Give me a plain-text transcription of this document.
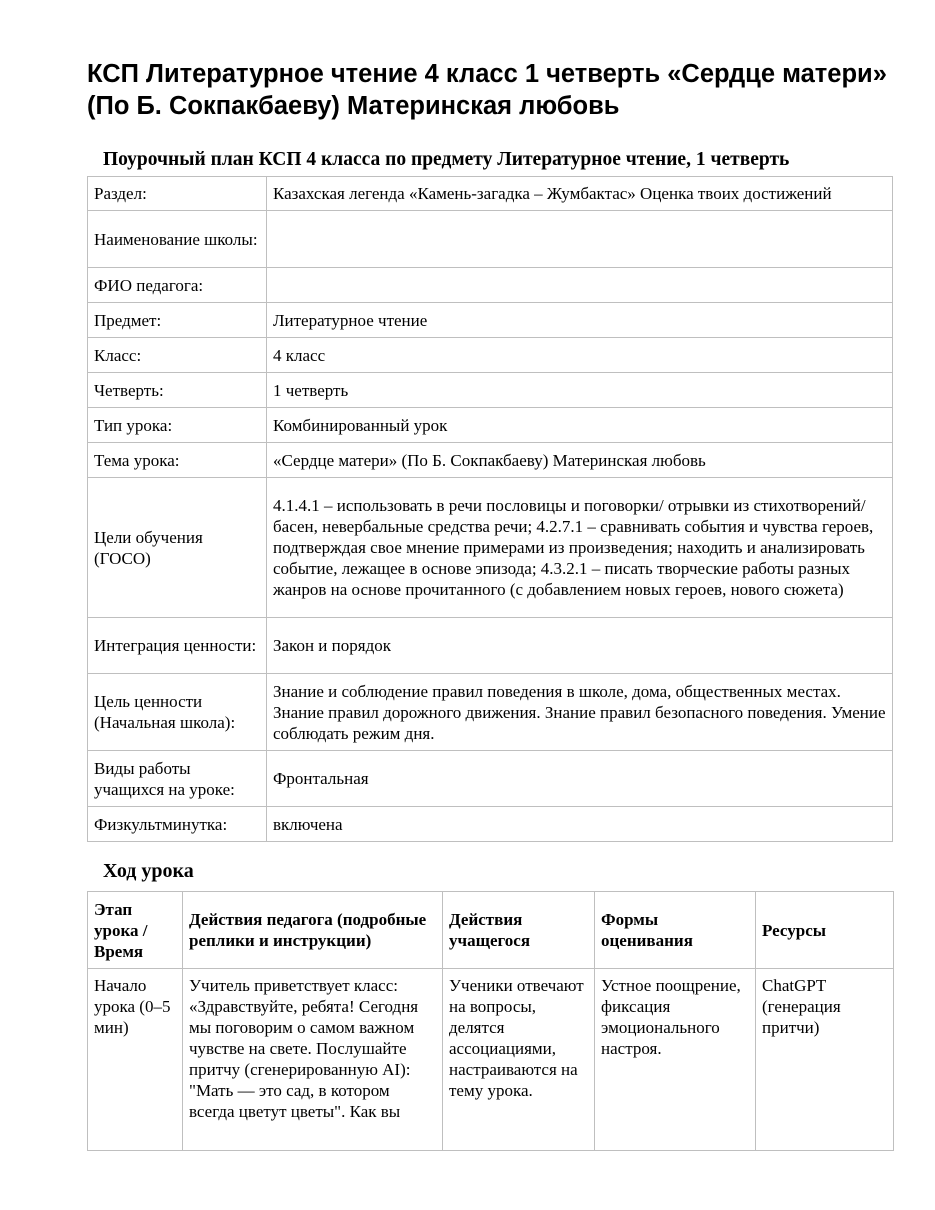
КСП Литературное чтение 4 класс 1 четверть «Сердце матери» (По Б. Сокпакбаеву) Материнская любовь
Поурочный план КСП 4 класса по предмету Литературное чтение, 1 четверть
Раздел:	Казахская легенда «Камень-загадка – Жумбактас» Оценка твоих достижений
Наименование школы:	
ФИО педагога:	
Предмет:	Литературное чтение
Класс:	4 класс
Четверть:	1 четверть
Тип урока:	Комбинированный урок
Тема урока:	«Сердце матери» (По Б. Сокпакбаеву) Материнская любовь
Цели обучения (ГОСО)	4.1.4.1 – использовать в речи пословицы и поговорки/ отрывки из стихотворений/ басен, невербальные средства речи; 4.2.7.1 – сравнивать события и чувства героев, подтверждая свое мнение примерами из произведения; находить и анализировать событие, лежащее в основе эпизода; 4.3.2.1 – писать творческие работы разных жанров на основе прочитанного (с добавлением новых героев, нового сюжета)
Интеграция ценности:	Закон и порядок
Цель ценности (Начальная школа):	Знание и соблюдение правил поведения в школе, дома, общественных местах. Знание правил дорожного движения. Знание правил безопасного поведения. Умение соблюдать режим дня.
Виды работы учащихся на уроке:	Фронтальная
Физкультминутка:	включена
Ход урока
Этап урока / Время	Действия педагога (подробные реплики и инструкции)	Действия учащегося	Формы оценивания	Ресурсы
Начало урока (0–5 мин)	Учитель приветствует класс: «Здравствуйте, ребята! Сегодня мы поговорим о самом важном чувстве на свете. Послушайте притчу (сгенерированную AI): "Мать — это сад, в котором всегда цветут цветы". Как вы	Ученики отвечают на вопросы, делятся ассоциациями, настраиваются на тему урока.	Устное поощрение, фиксация эмоционального настроя.	ChatGPT (генерация притчи)
